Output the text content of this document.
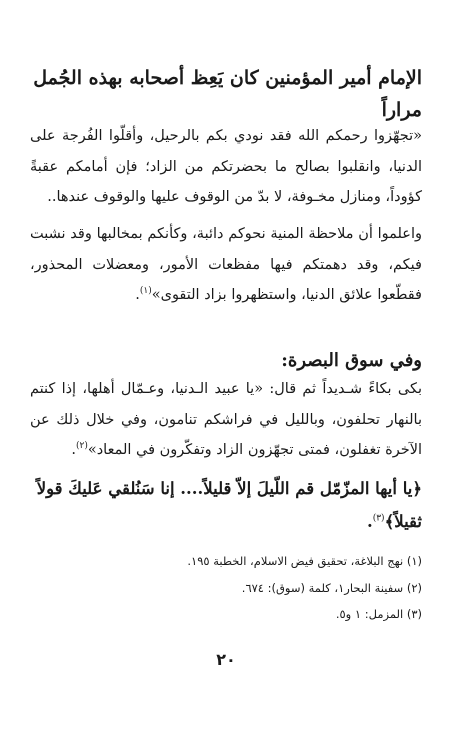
الإمام أمير المؤمنين كان يَعِظ أصحابه بهذه الجُمل مراراً
«تجهّزوا رحمكم الله فقد نودي بكم بالرحيل، وأقلّوا الفُرجة على الدنيا، وانقلبوا بصالح ما بحضرتكم من الزاد؛ فإن أمامكم عقبةً كؤوداً، ومنازل مخـوفة، لا بدّ من الوقوف عليها والوقوف عندها..
واعلموا أن ملاحظة المنية نحوكم دائبة، وكأنكم بمخالبها وقد نشبت فيكم، وقد دهمتكم فيها مفظعات الأمور، ومعضلات المحذور، فقطّعوا علائق الدنيا، واستظهروا بزاد التقوى»$^{(١)}$.
وفي سوق البصرة:
بكى بكاءً شـديداً ثم قال: «يا عبيد الـدنيا، وعـمّال أهلها، إذا كنتم بالنهار تحلفون، وبالليل في فراشكم تنامون، وفي خلال ذلك عن الآخرة تغفلون، فمتى تجهّزون الزاد وتفكّرون في المعاد»$^{(٢)}$.
﴿يا أيها المزّمّل قم اللّيلَ إلاّ قليلاً.... إنا سَنُلقي عَليكَ قولاً ثقيلاً﴾$^{(٣)}$.
(١) نهج البلاغة، تحقيق فيض الاسلام، الخطبة ١٩٥.
(٢) سفينة البحار١، كلمة (سوق): ٦٧٤.
(٣) المزمل: ١ و٥.
٢٠
